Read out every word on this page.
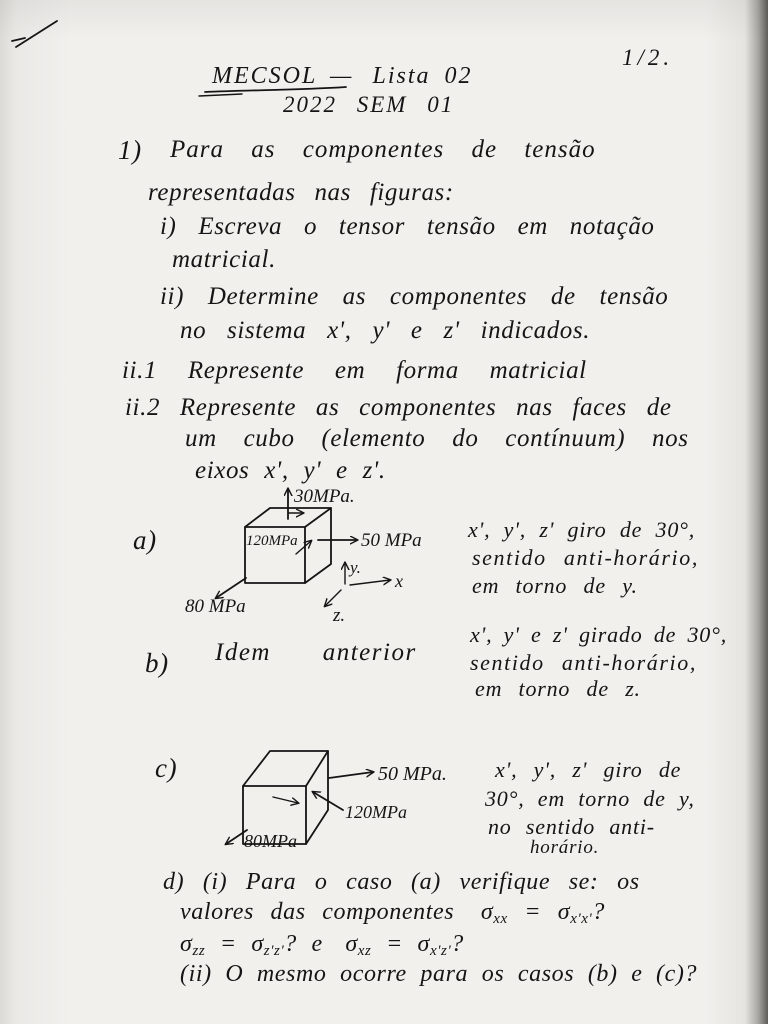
30MPa.
120MPa	50 MPa
80 MPa
y.
x
z.
50 MPa.
120MPa
80MPa
1/2.
MECSOL — Lista 02
2022 SEM 01
1) Para as componentes de tensão
representadas nas figuras:
i) Escreva o tensor tensão em notação
matricial.
ii) Determine as componentes de tensão
no sistema x', y' e z' indicados.
ii.1 Represente em forma matricial
ii.2 Represente as componentes nas faces de
um cubo (elemento do contínuum) nos
eixos x', y' e z'.
a)	x', y', z' giro de 30°,
sentido anti-horário,
em torno de y.
b) Idem anterior
x', y' e z' girado de 30°,
sentido anti-horário,
em torno de z.
c)	x', y', z' giro de
30°, em torno de y,
no sentido anti-
horário.
d) (i) Para o caso (a) verifique se: os
valores das componentes $\sigma_{xx} = \sigma_{x'x'}$?
$\sigma_{zz} = \sigma_{z'z'}$? e $\sigma_{xz} = \sigma_{x'z'}$?
(ii) O mesmo ocorre para os casos (b) e (c)?
